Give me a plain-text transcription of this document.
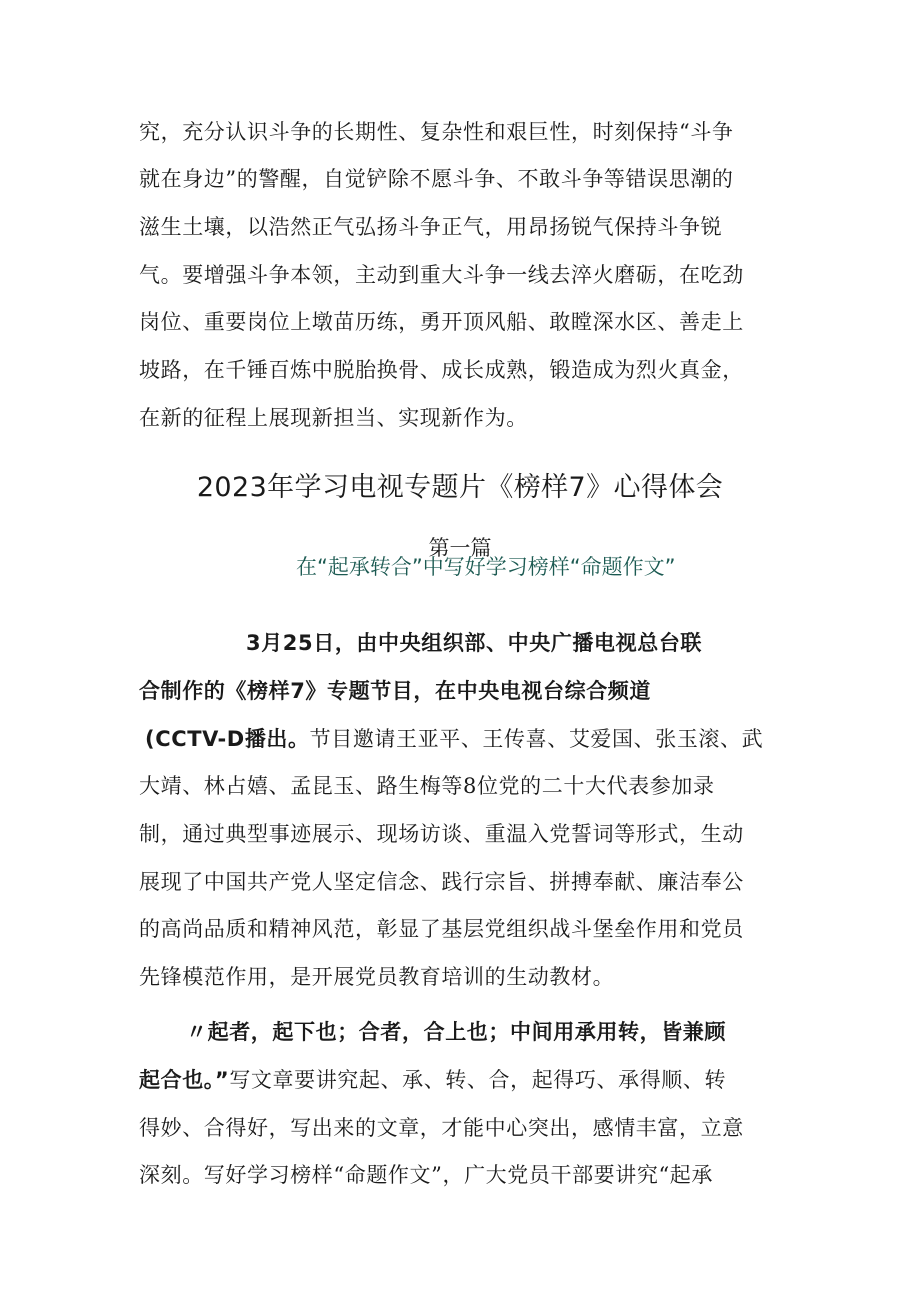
究，充分认识斗争的长期性、复杂性和艰巨性，时刻保持“斗争
就在身边”的警醒，自觉铲除不愿斗争、不敢斗争等错误思潮的
滋生土壤，以浩然正气弘扬斗争正气，用昂扬锐气保持斗争锐
气。要增强斗争本领，主动到重大斗争一线去淬火磨砺，在吃劲
岗位、重要岗位上墩苗历练，勇开顶风船、敢瞠深水区、善走上
坡路，在千锤百炼中脱胎换骨、成长成熟，锻造成为烈火真金，
在新的征程上展现新担当、实现新作为。
2023年学习电视专题片《榜样7》心得体会
第一篇
在“起承转合”中写好学习榜样“命题作文”
3月25日，由中央组织部、中央广播电视总台联
合制作的《榜样7》专题节目，在中央电视台综合频道
(CCTV-D播出。节目邀请王亚平、王传喜、艾爱国、张玉滚、武
大靖、林占嬉、孟昆玉、路生梅等8位党的二十大代表参加录
制，通过典型事迹展示、现场访谈、重温入党誓词等形式，生动
展现了中国共产党人坚定信念、践行宗旨、拼搏奉献、廉洁奉公
的高尚品质和精神风范，彰显了基层党组织战斗堡垒作用和党员
先锋模范作用，是开展党员教育培训的生动教材。
〃起者，起下也；合者，合上也；中间用承用转，皆兼顾
起合也。”写文章要讲究起、承、转、合，起得巧、承得顺、转
得妙、合得好，写出来的文章，才能中心突出，感情丰富，立意
深刻。写好学习榜样“命题作文”，广大党员干部要讲究“起承
